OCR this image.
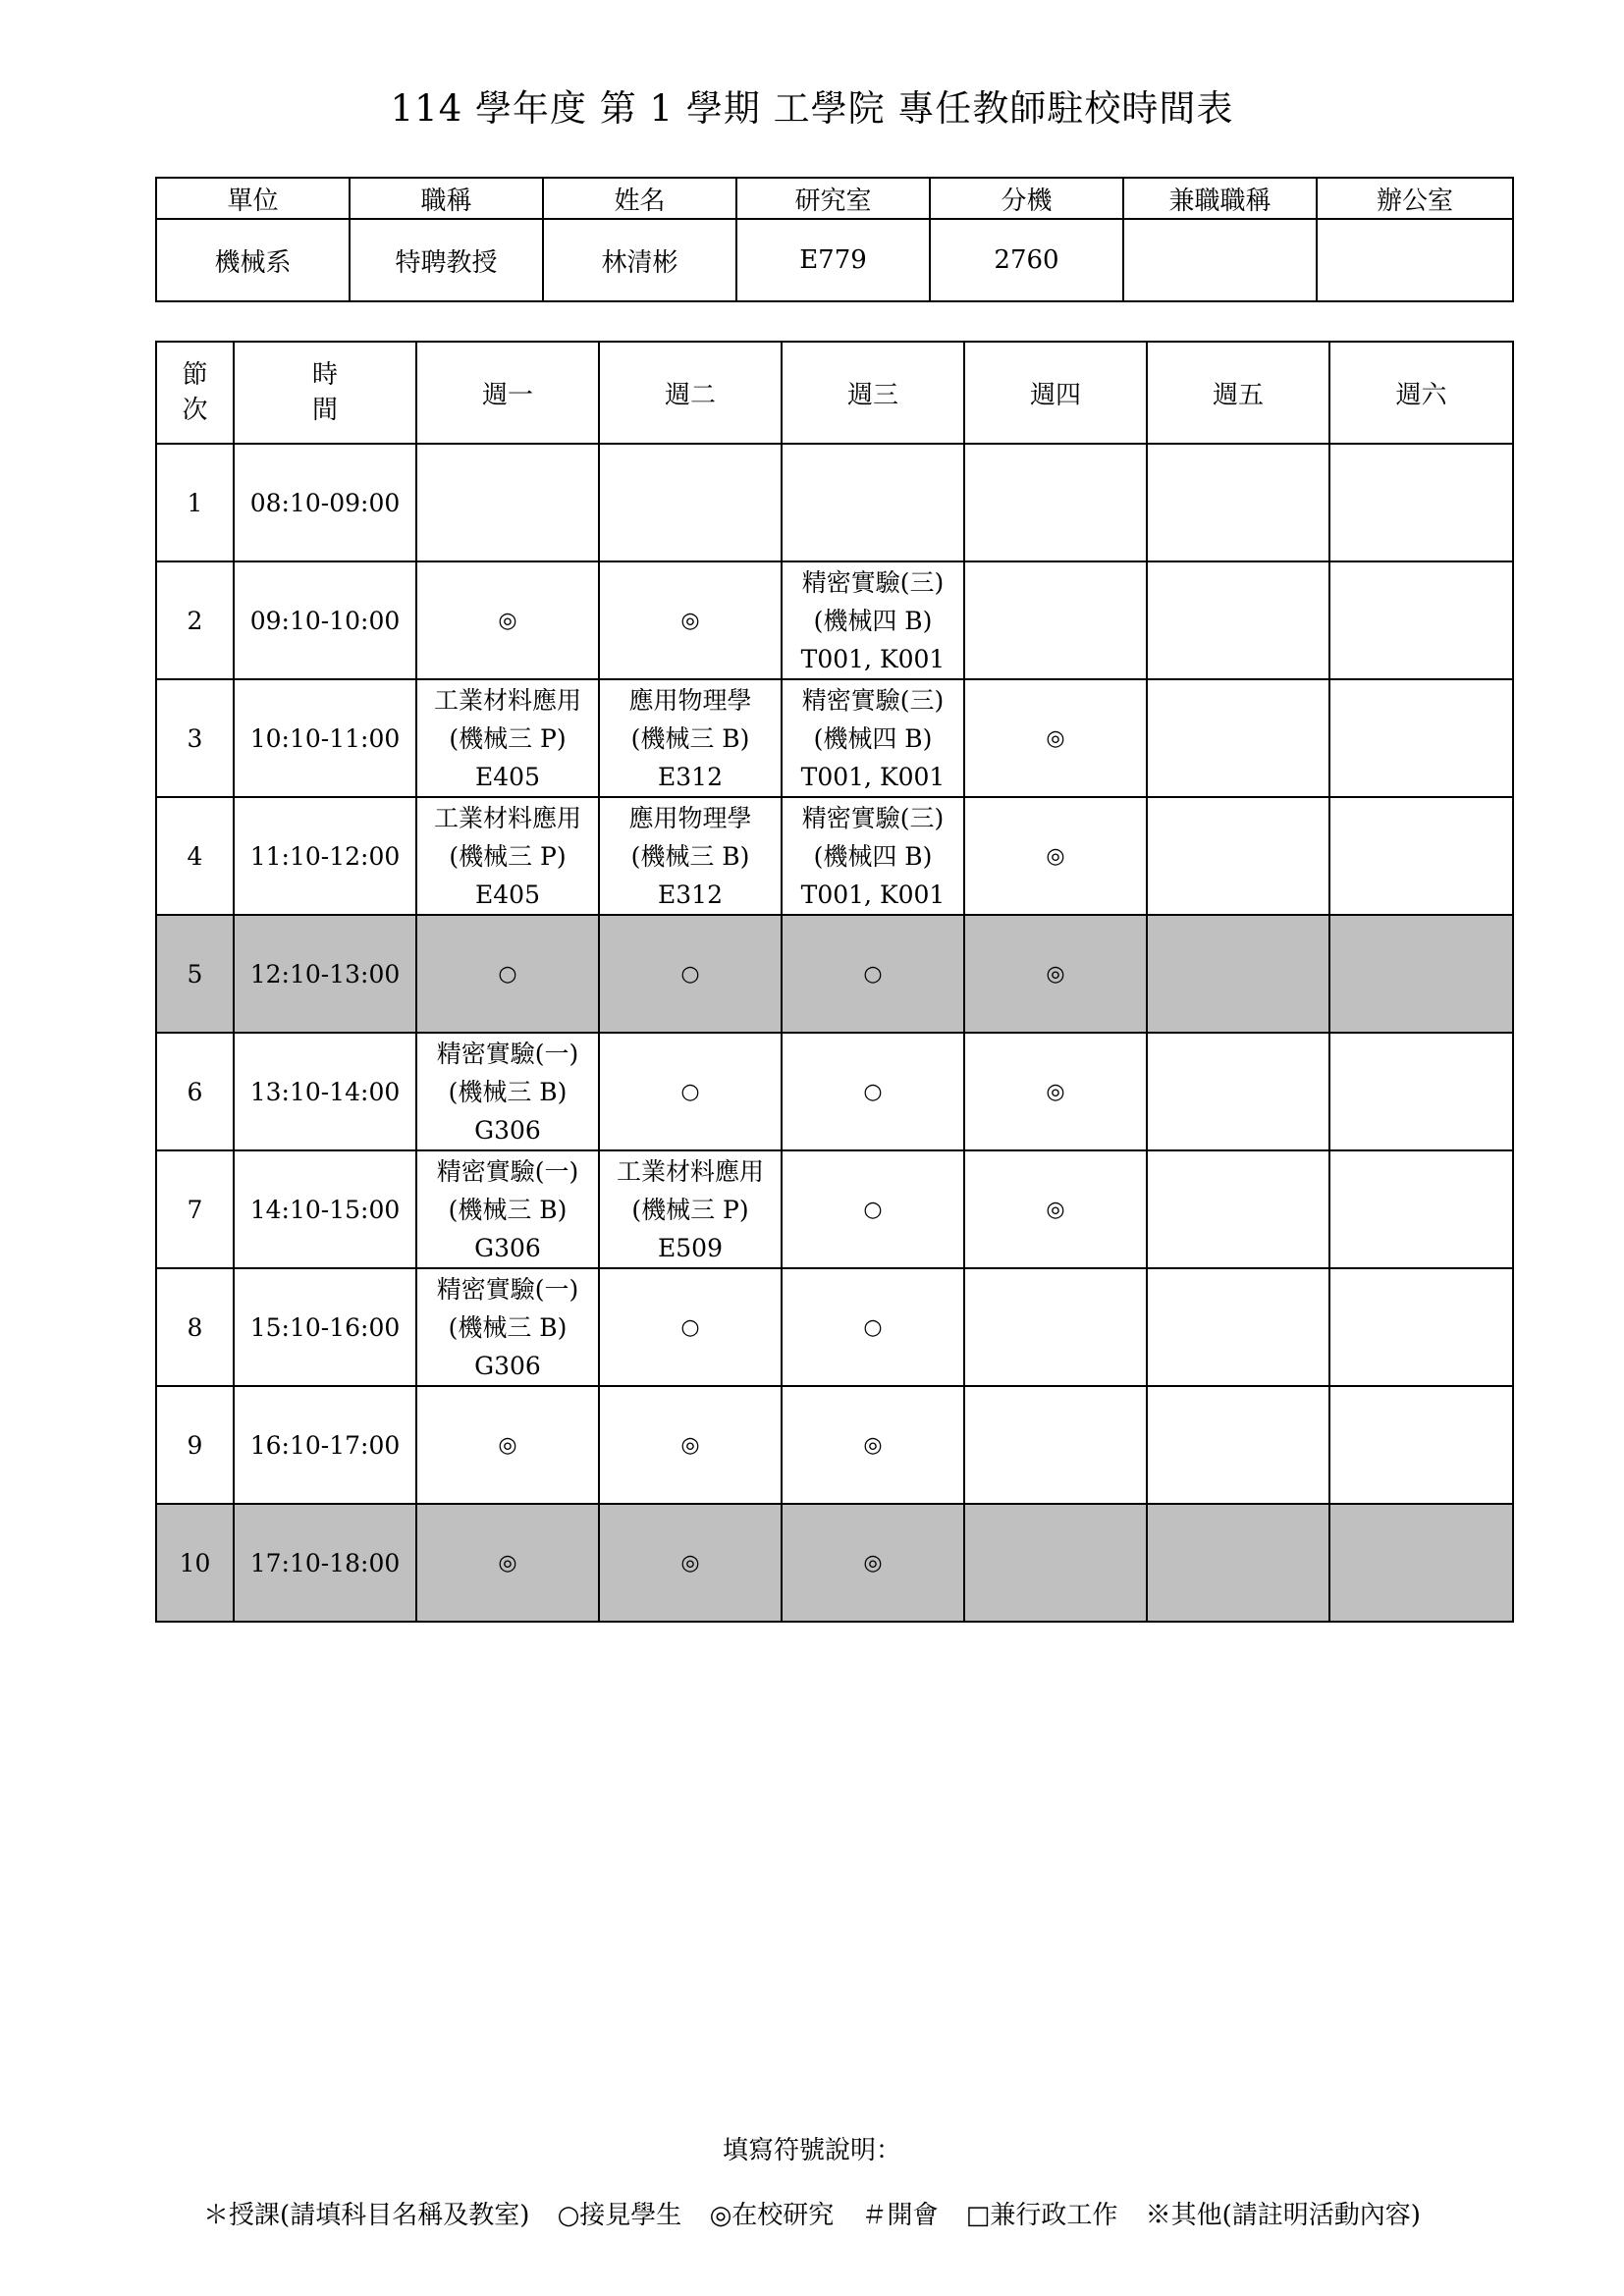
114 學年度 第 1 學期 工學院 專任教師駐校時間表
單位	職稱	姓名	研究室	分機	兼職職稱	辦公室
機械系	特聘教授	林清彬	E779	2760		
節
次	時
間	週一	週二	週三	週四	週五	週六
1	08:10-09:00						
2	09:10-10:00	◎	◎	精密實驗(三)
(機械四 B)
T001, K001			

3	10:10-11:00	工業材料應用
(機械三 P)
E405	應用物理學
(機械三 B)
E312	精密實驗(三)
(機械四 B)
T001, K001	◎		

4	11:10-12:00	工業材料應用
(機械三 P)
E405	應用物理學
(機械三 B)
E312	精密實驗(三)
(機械四 B)
T001, K001	◎		

5	12:10-13:00	○	○	○	◎		

6	13:10-14:00	精密實驗(一)
(機械三 B)
G306	○	○	◎		

7	14:10-15:00	精密實驗(一)
(機械三 B)
G306	工業材料應用
(機械三 P)
E509	○	◎		

8	15:10-16:00	精密實驗(一)
(機械三 B)
G306	○	○			

9	16:10-17:00	◎	◎	◎			

10	17:10-18:00	◎	◎	◎			

填寫符號說明：
＊授課(請填科目名稱及教室) ○接見學生 ◎在校研究 ＃開會 □兼行政工作 ※其他(請註明活動內容)
